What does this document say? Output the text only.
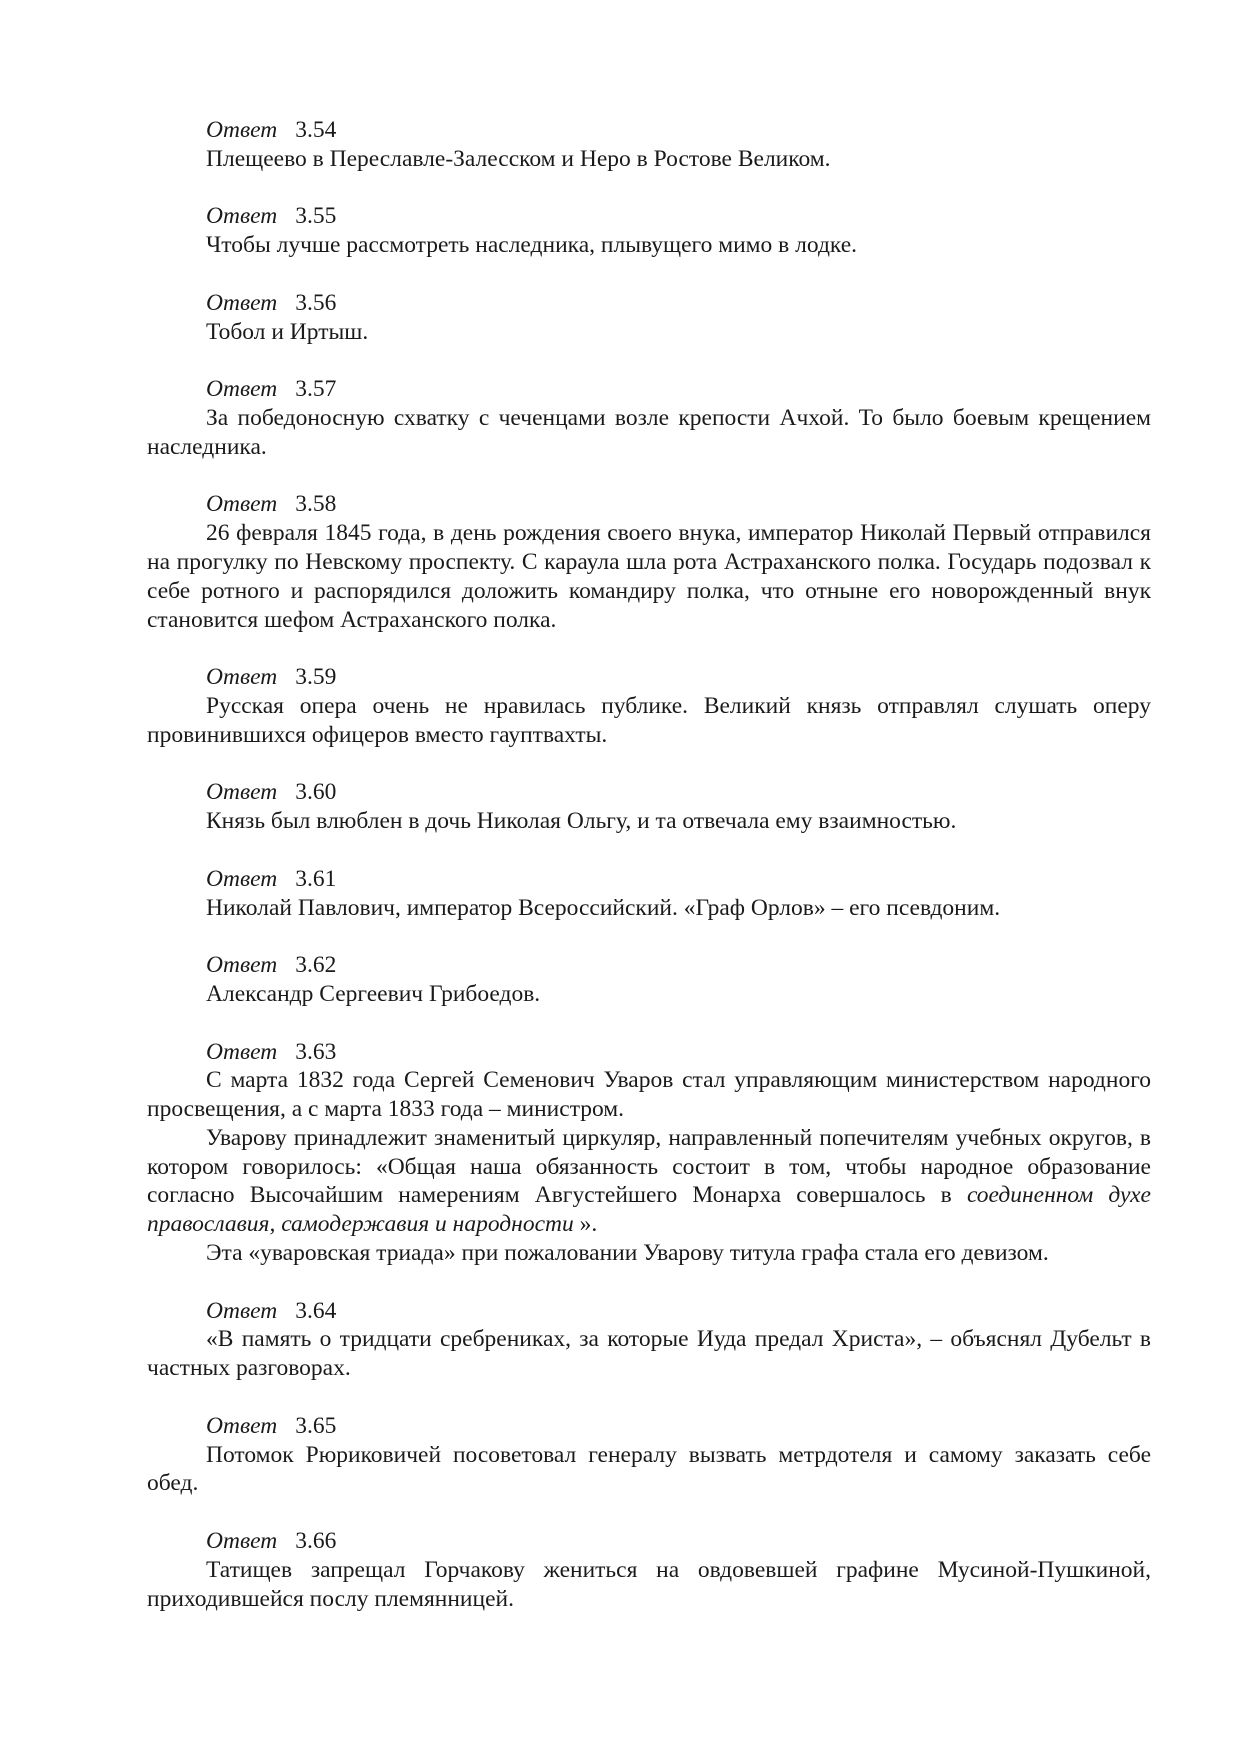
Ответ 3.54
Плещеево в Переславле-Залесском и Неро в Ростове Великом.
Ответ 3.55
Чтобы лучше рассмотреть наследника, плывущего мимо в лодке.
Ответ 3.56
Тобол и Иртыш.
Ответ 3.57
За победоносную схватку с чеченцами возле крепости Ачхой. То было боевым крещением наследника.
Ответ 3.58
26 февраля 1845 года, в день рождения своего внука, император Николай Первый отправился на прогулку по Невскому проспекту. С караула шла рота Астраханского полка. Государь подозвал к себе ротного и распорядился доложить командиру полка, что отныне его новорожденный внук становится шефом Астраханского полка.
Ответ 3.59
Русская опера очень не нравилась публике. Великий князь отправлял слушать оперу провинившихся офицеров вместо гауптвахты.
Ответ 3.60
Князь был влюблен в дочь Николая Ольгу, и та отвечала ему взаимностью.
Ответ 3.61
Николай Павлович, император Всероссийский. «Граф Орлов» – его псевдоним.
Ответ 3.62
Александр Сергеевич Грибоедов.
Ответ 3.63
С марта 1832 года Сергей Семенович Уваров стал управляющим министерством народного просвещения, а с марта 1833 года – министром.
Уварову принадлежит знаменитый циркуляр, направленный попечителям учебных округов, в котором говорилось: «Общая наша обязанность состоит в том, чтобы народное образование согласно Высочайшим намерениям Августейшего Монарха совершалось в соединенном духе православия, самодержавия и народности ».
Эта «уваровская триада» при пожаловании Уварову титула графа стала его девизом.
Ответ 3.64
«В память о тридцати сребрениках, за которые Иуда предал Христа», – объяснял Дубельт в частных разговорах.
Ответ 3.65
Потомок Рюриковичей посоветовал генералу вызвать метрдотеля и самому заказать себе обед.
Ответ 3.66
Татищев запрещал Горчакову жениться на овдовевшей графине Мусиной-Пушкиной, приходившейся послу племянницей.
